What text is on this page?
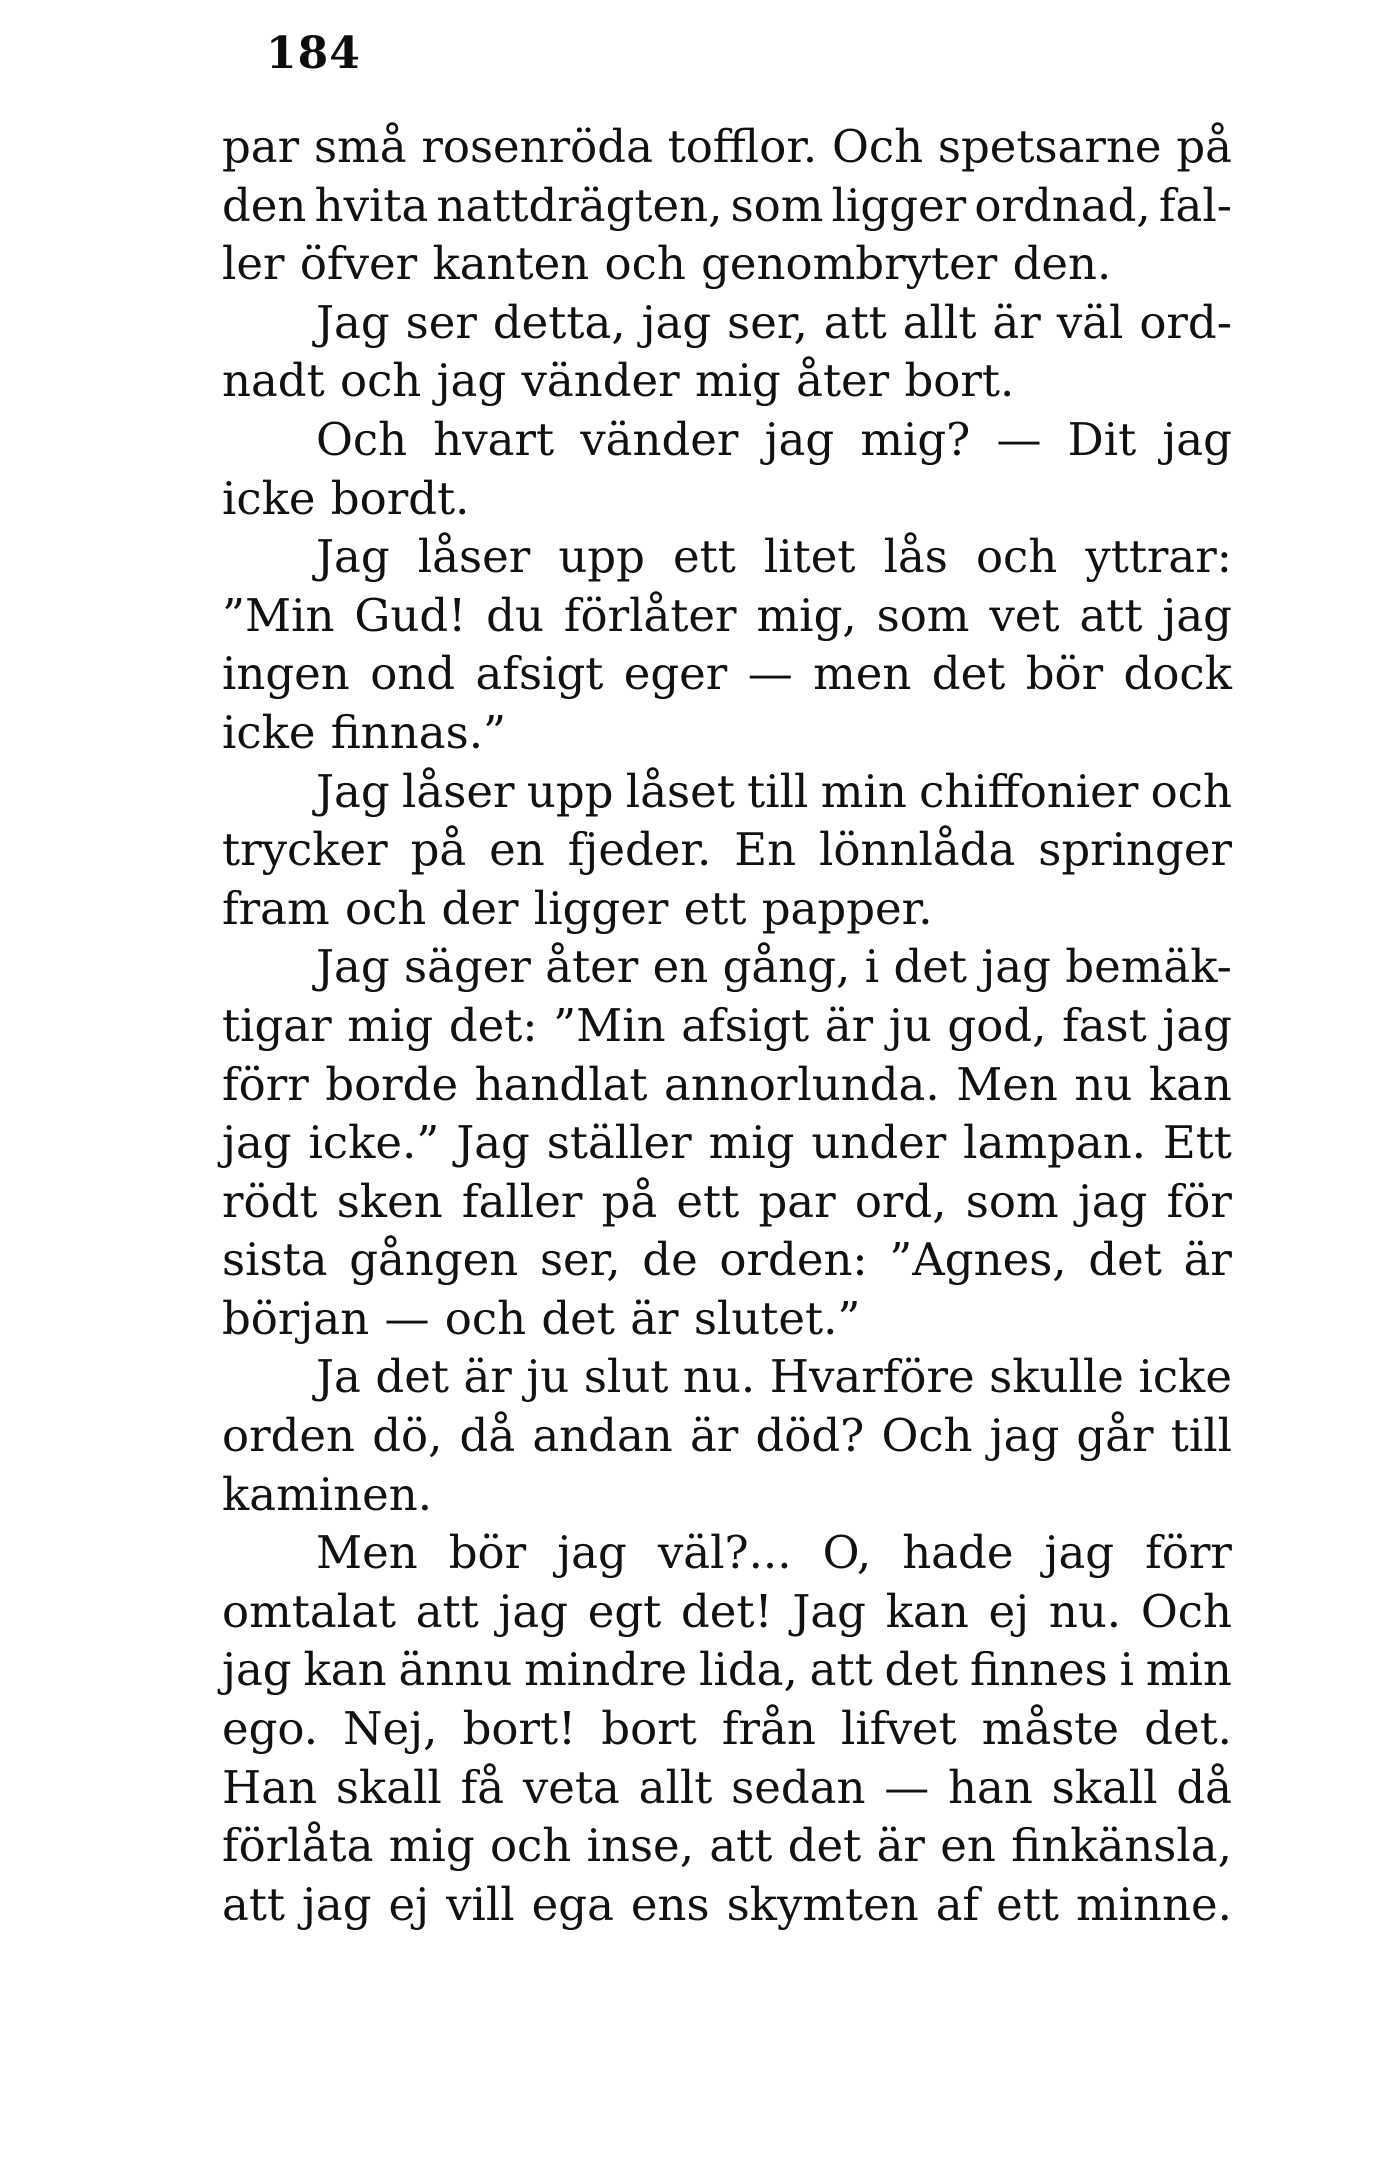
184
par små rosenröda tofflor. Och spetsarne på
den hvita nattdrägten, som ligger ordnad, fal-
ler öfver kanten och genombryter den.
Jag ser detta, jag ser, att allt är väl ord-
nadt och jag vänder mig åter bort.
Och hvart vänder jag mig? — Dit jag
icke bordt.
Jag låser upp ett litet lås och yttrar:
”Min Gud! du förlåter mig, som vet att jag
ingen ond afsigt eger — men det bör dock
icke finnas.”
Jag låser upp låset till min chiffonier och
trycker på en fjeder. En lönnlåda springer
fram och der ligger ett papper.
Jag säger åter en gång, i det jag bemäk-
tigar mig det: ”Min afsigt är ju god, fast jag
förr borde handlat annorlunda. Men nu kan
jag icke.” Jag ställer mig under lampan. Ett
rödt sken faller på ett par ord, som jag för
sista gången ser, de orden: ”Agnes, det är
början — och det är slutet.”
Ja det är ju slut nu. Hvarföre skulle icke
orden dö, då andan är död? Och jag går till
kaminen.
Men bör jag väl?... O, hade jag förr
omtalat att jag egt det! Jag kan ej nu. Och
jag kan ännu mindre lida, att det finnes i min
ego. Nej, bort! bort från lifvet måste det.
Han skall få veta allt sedan — han skall då
förlåta mig och inse, att det är en finkänsla,
att jag ej vill ega ens skymten af ett minne.
